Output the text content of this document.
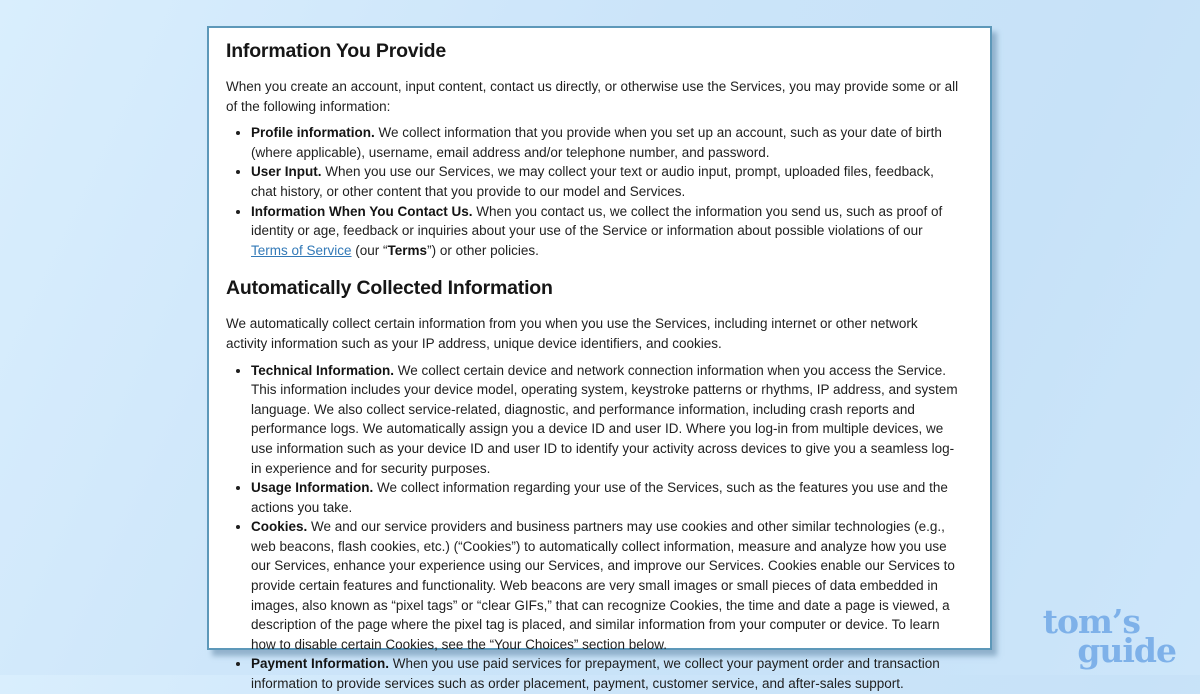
Information You Provide

When you create an account, input content, contact us directly, or otherwise use the Services, you may provide some or all of the following information:

• Profile information. We collect information that you provide when you set up an account, such as your date of birth (where applicable), username, email address and/or telephone number, and password.
• User Input. When you use our Services, we may collect your text or audio input, prompt, uploaded files, feedback, chat history, or other content that you provide to our model and Services.
• Information When You Contact Us. When you contact us, we collect the information you send us, such as proof of identity or age, feedback or inquiries about your use of the Service or information about possible violations of our Terms of Service (our “Terms”) or other policies.
Automatically Collected Information

We automatically collect certain information from you when you use the Services, including internet or other network activity information such as your IP address, unique device identifiers, and cookies.

• Technical Information. We collect certain device and network connection information when you access the Service. This information includes your device model, operating system, keystroke patterns or rhythms, IP address, and system language. We also collect service-related, diagnostic, and performance information, including crash reports and performance logs. We automatically assign you a device ID and user ID. Where you log-in from multiple devices, we use information such as your device ID and user ID to identify your activity across devices to give you a seamless log-in experience and for security purposes.
• Usage Information. We collect information regarding your use of the Services, such as the features you use and the actions you take.
• Cookies. We and our service providers and business partners may use cookies and other similar technologies (e.g., web beacons, flash cookies, etc.) (“Cookies”) to automatically collect information, measure and analyze how you use our Services, enhance your experience using our Services, and improve our Services. Cookies enable our Services to provide certain features and functionality. Web beacons are very small images or small pieces of data embedded in images, also known as “pixel tags” or “clear GIFs,” that can recognize Cookies, the time and date a page is viewed, a description of the page where the pixel tag is placed, and similar information from your computer or device. To learn how to disable certain Cookies, see the “Your Choices” section below.
• Payment Information. When you use paid services for prepayment, we collect your payment order and transaction information to provide services such as order placement, payment, customer service, and after-sales support.
tom’s
guide
